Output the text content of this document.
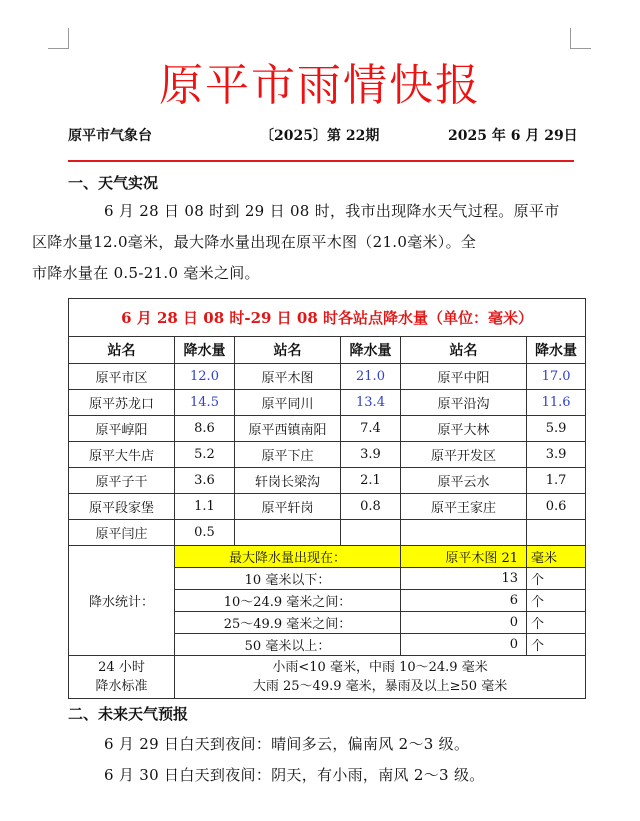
原平市雨情快报
原平市气象台	〔2025〕第 22期	2025 年 6 月 29日
一、天气实况

6 月 28 日 08 时到 29 日 08 时，我市出现降水天气过程。原平市
区降水量12.0毫米，最大降水量出现在原平木图（21.0毫米）。全
市降水量在 0.5-21.0 毫米之间。

6 月 28 日 08 时-29 日 08 时各站点降水量（单位：毫米）					
站名	降水量	站名	降水量	站名	降水量
原平市区	12.0	原平木图	21.0	原平中阳	17.0
原平苏龙口	14.5	原平同川	13.4	原平沿沟	11.6
原平崞阳	8.6	原平西镇南阳	7.4	原平大林	5.9
原平大牛店	5.2	原平下庄	3.9	原平开发区	3.9
原平子干	3.6	轩岗长梁沟	2.1	原平云水	1.7
原平段家堡	1.1	原平轩岗	0.8	原平王家庄	0.6
原平闫庄	0.5				
降水统计：	最大降水量出现在：			原平木图 21	毫米
	10 毫米以下：			13	个
	10～24.9 毫米之间：			6	个
	25～49.9 毫米之间：			0	个
	50 毫米以上：			0	个
24 小时
降水标准	小雨<10 毫米，中雨 10～24.9 毫米
大雨 25～49.9 毫米，暴雨及以上≥50 毫米				
二、未来天气预报

6 月 29 日白天到夜间：晴间多云，偏南风 2～3 级。

6 月 30 日白天到夜间：阴天，有小雨，南风 2～3 级。
